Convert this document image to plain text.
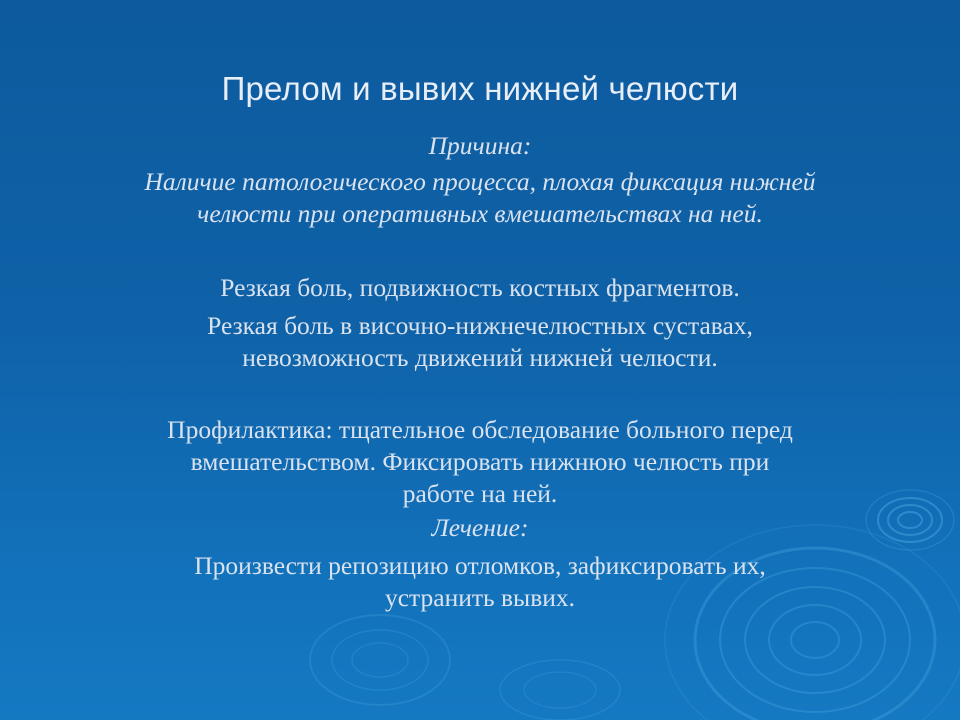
Прелом и вывих нижней челюсти
Причина:
Наличие патологического процесса, плохая фиксация нижней
челюсти при оперативных вмешательствах на ней.
Резкая боль, подвижность костных фрагментов.
Резкая боль в височно-нижнечелюстных суставах,
невозможность движений нижней челюсти.
Профилактика: тщательное обследование больного перед
вмешательством. Фиксировать нижнюю челюсть при
работе на ней.
Лечение:
Произвести репозицию отломков, зафиксировать их,
устранить вывих.
